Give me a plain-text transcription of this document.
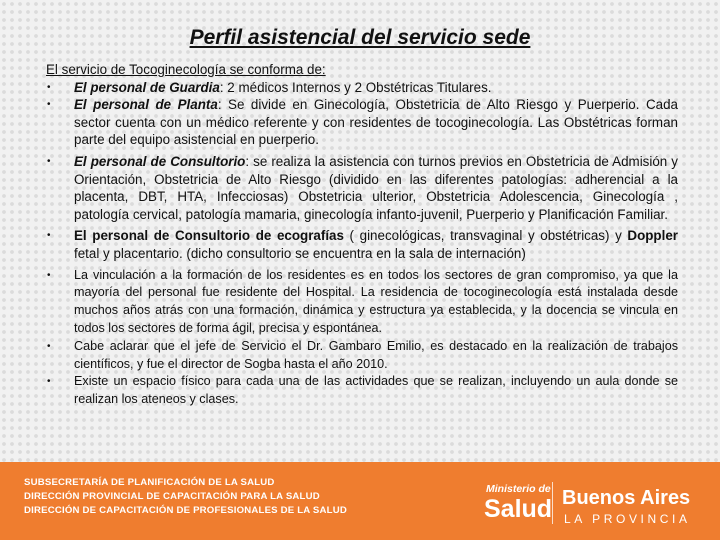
Perfil asistencial del servicio sede

El servicio de Tocoginecología se conforma de:

• El personal de Guardia: 2 médicos Internos y 2 Obstétricas Titulares.
• El personal de Planta: Se divide en Ginecología, Obstetricia de Alto Riesgo y Puerperio. Cada sector cuenta con un médico referente y con residentes de tocoginecología. Las Obstétricas forman parte del equipo asistencial en puerperio.
• El personal de Consultorio: se realiza la asistencia con turnos previos en Obstetricia de Admisión y Orientación, Obstetricia de Alto Riesgo (dividido en las diferentes patologías: adherencial a la placenta, DBT, HTA, Infecciosas) Obstetricia ulterior, Obstetricia Adolescencia, Ginecología , patología cervical, patología mamaria, ginecología infanto-juvenil, Puerperio y Planificación Familiar.
• El personal de Consultorio de ecografías ( ginecológicas, transvaginal y obstétricas) y Doppler fetal y placentario. (dicho consultorio se encuentra en la sala de internación)
• La vinculación a la formación de los residentes es en todos los sectores de gran compromiso, ya que la mayoría del personal fue residente del Hospital. La residencia de tocoginecología está instalada desde muchos años atrás con una formación, dinámica y estructura ya establecida, y la docencia se vincula en todos los sectores de forma ágil, precisa y espontánea.
• Cabe aclarar que el jefe de Servicio el Dr. Gambaro Emilio, es destacado en la realización de trabajos científicos, y fue el director de Sogba hasta el año 2010.
• Existe un espacio físico para cada una de las actividades que se realizan, incluyendo un aula donde se realizan los ateneos y clases.
SUBSECRETARÍA DE PLANIFICACIÓN DE LA SALUD
DIRECCIÓN PROVINCIAL DE CAPACITACIÓN PARA LA SALUD
DIRECCIÓN DE CAPACITACIÓN DE PROFESIONALES DE LA SALUD
Ministerio de
Salud Buenos Aires
LA PROVINCIA
